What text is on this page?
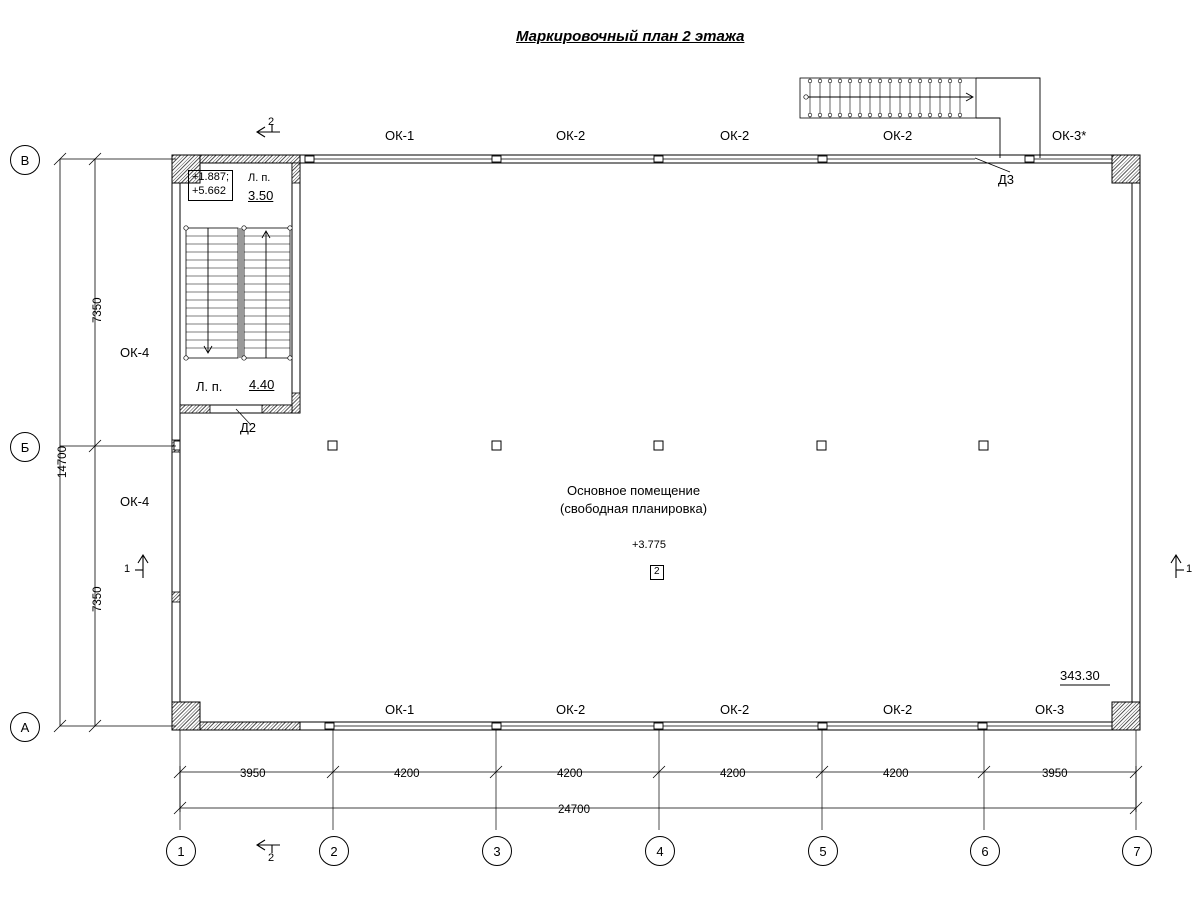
Маркировочный план 2 этажа
ОК-1	ОК-2	ОК-2	ОК-2	ОК-3*
ОК-1	ОК-2	ОК-2	ОК-2	ОК-3
ОК-4
ОК-4
Д2
Д3
+1.887;
+5.662
Л. п.
3.50
Л. п. 4.40
Основное помещение
(свободная планировка)
+3.775
2
343.30
2
2
1	1
3950	4200	4200	4200	4200	3950
24700
7350
7350
14700
В
Б
А
1	2	3	4	5	6	7
